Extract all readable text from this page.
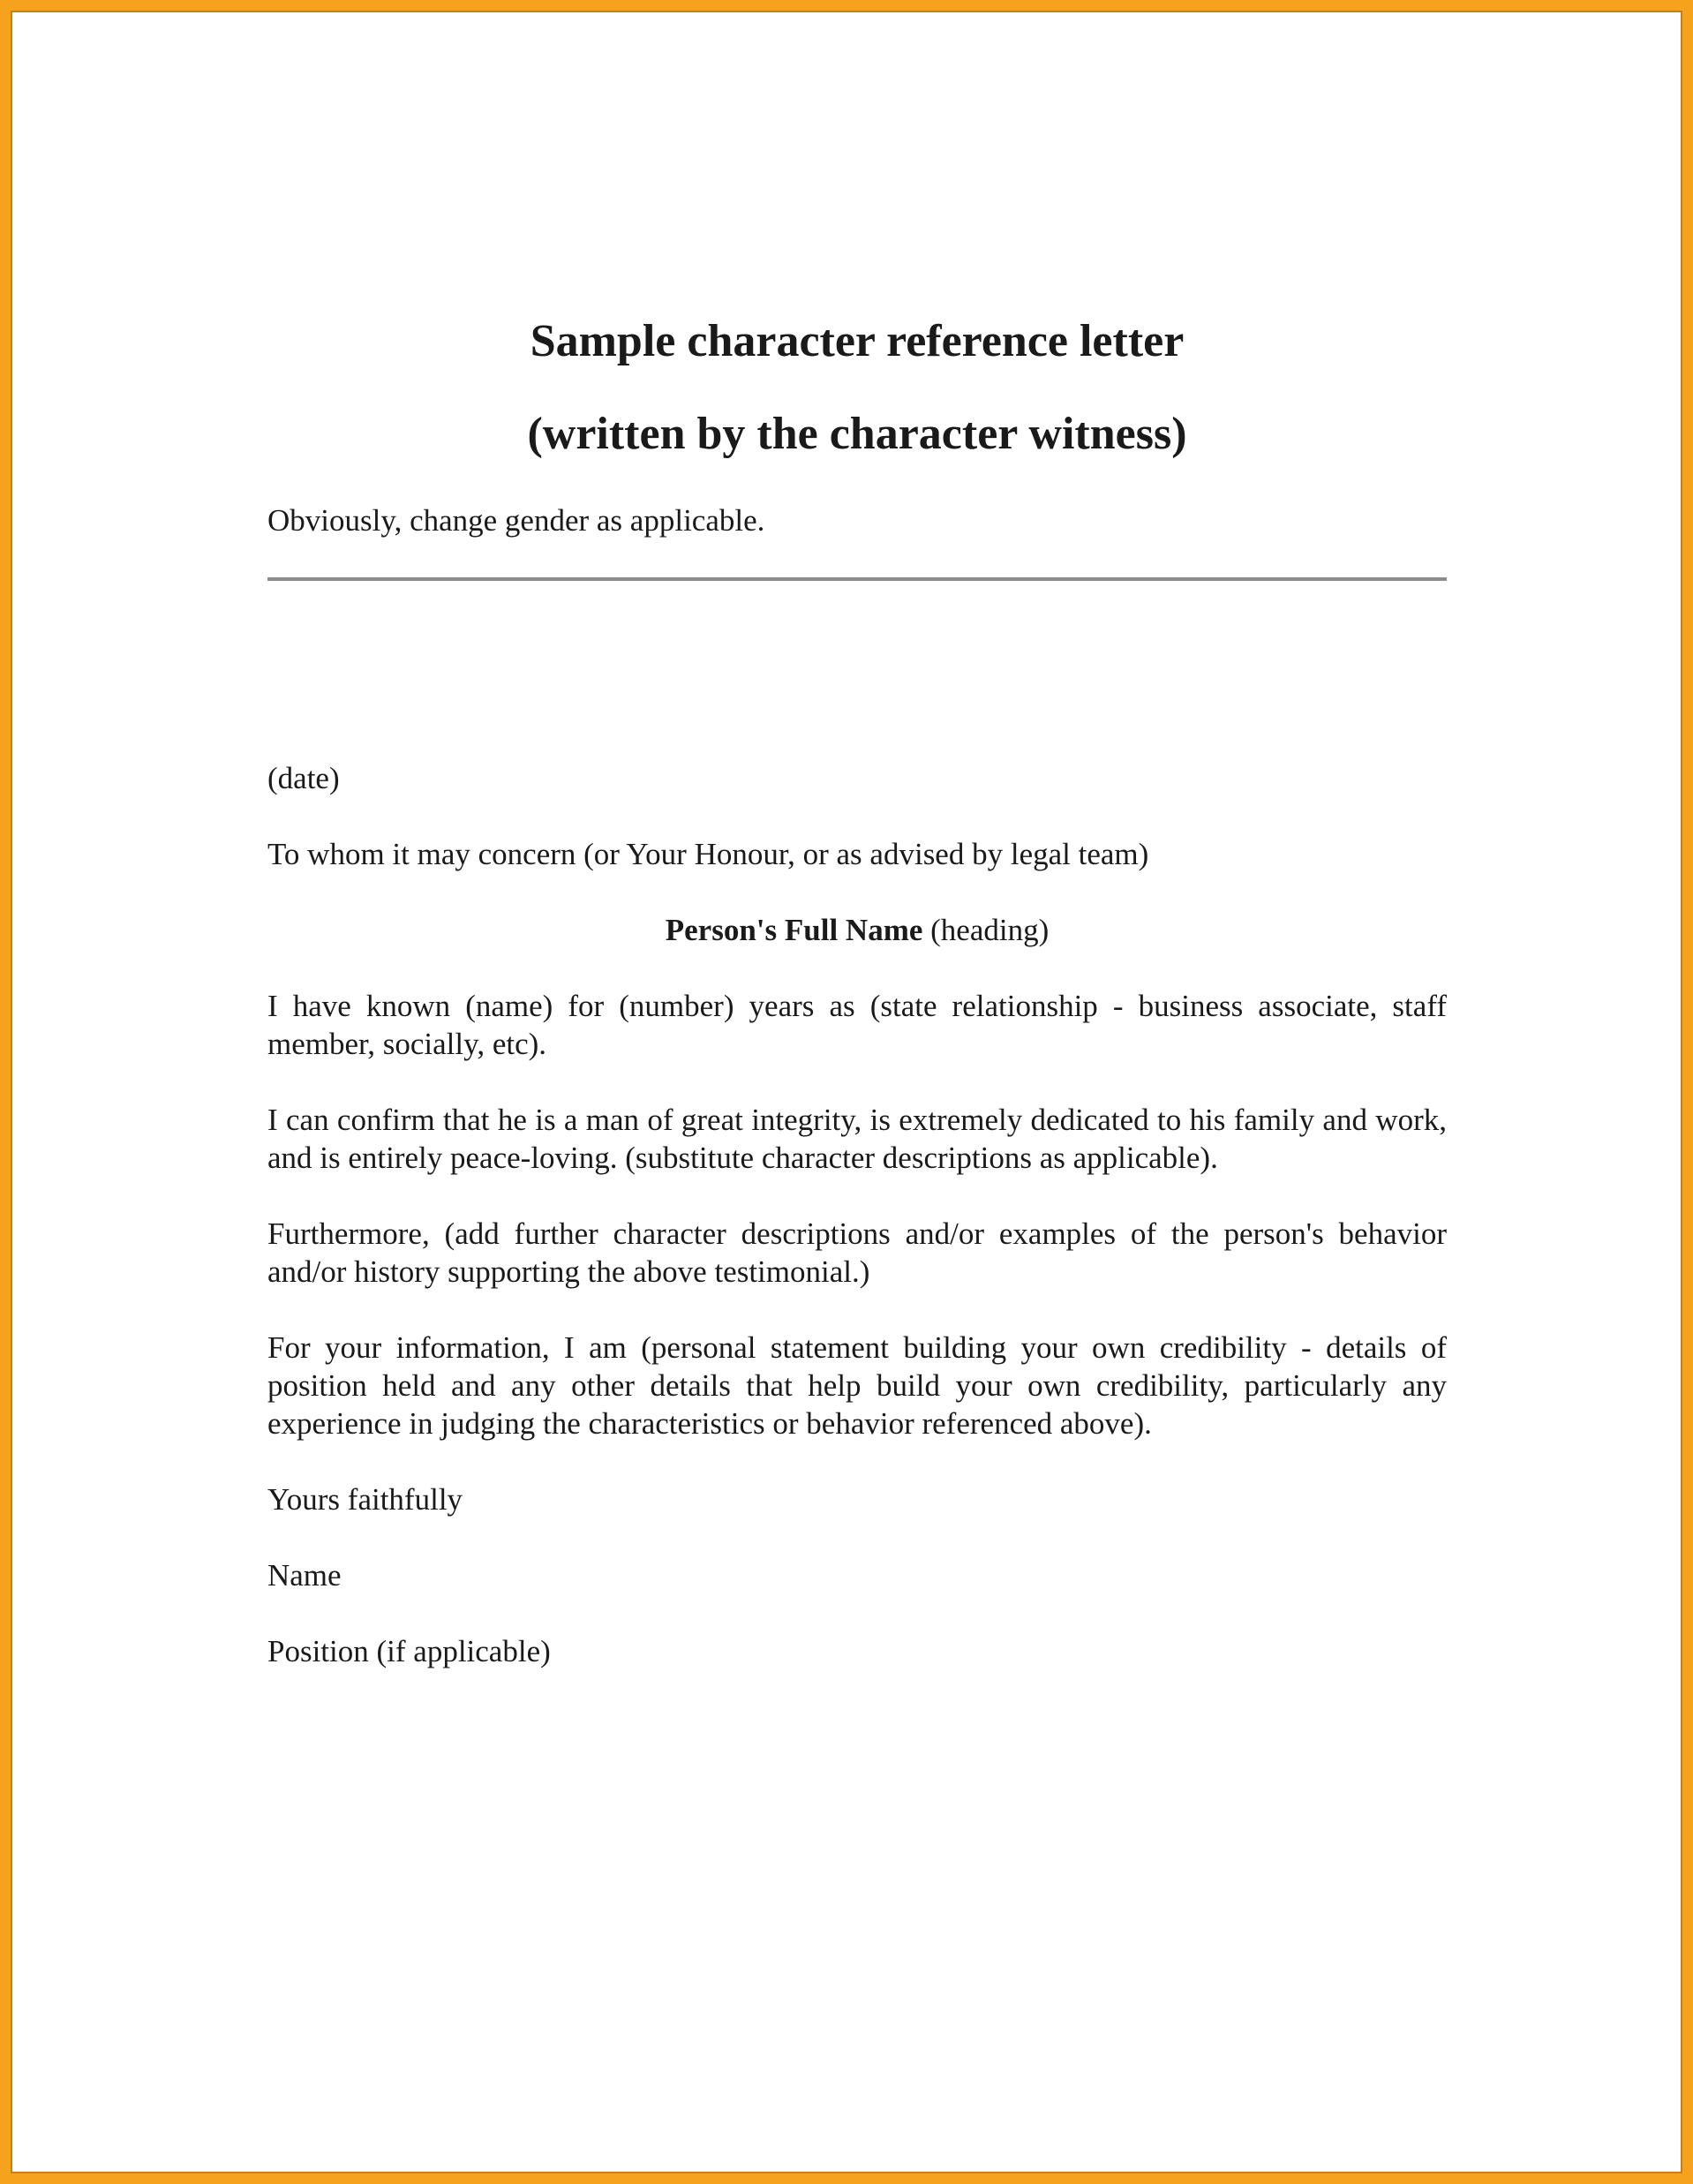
Sample character reference letter
(written by the character witness)

Obviously, change gender as applicable.

(date)

To whom it may concern (or Your Honour, or as advised by legal team)

Person's Full Name (heading)

I have known (name) for (number) years as (state relationship - business associate, staff member, socially, etc).

I can confirm that he is a man of great integrity, is extremely dedicated to his family and work, and is entirely peace-loving. (substitute character descriptions as applicable).

Furthermore, (add further character descriptions and/or examples of the person's behavior and/or history supporting the above testimonial.)

For your information, I am (personal statement building your own credibility - details of position held and any other details that help build your own credibility, particularly any experience in judging the characteristics or behavior referenced above).

Yours faithfully

Name

Position (if applicable)
